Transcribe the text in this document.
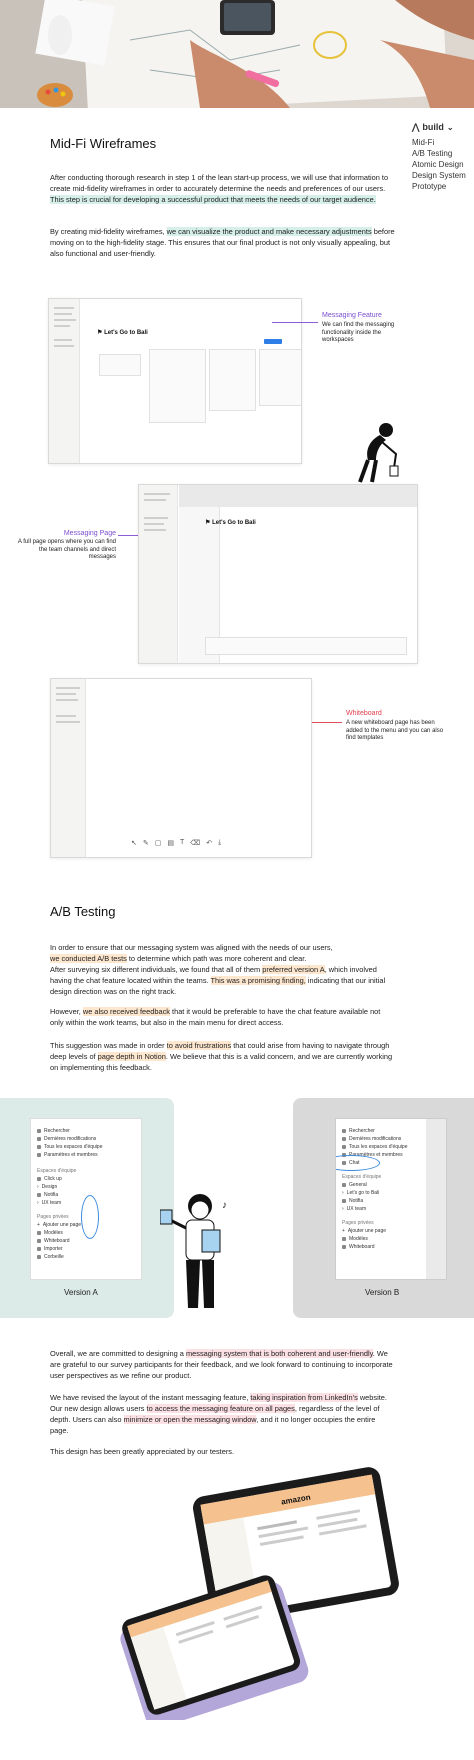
⋀ build ⌄
Mid-Fi
A/B Testing
Atomic Design
Design System
Prototype
Mid-Fi Wireframes
After conducting thorough research in step 1 of the lean start-up process, we will use that information to create mid-fidelity wireframes in order to accurately determine the needs and preferences of our users. This step is crucial for developing a successful product that meets the needs of our target audience.
By creating mid-fidelity wireframes, we can visualize the product and make necessary adjustments before moving on to the high-fidelity stage. This ensures that our final product is not only visually appealing, but also functional and user-friendly.
⚑ Let's Go to Bali
Messaging Feature
We can find the messaging functionality inside the workspaces
⚑ Let's Go to Bali
Messaging Page
A full page opens where you can find the team channels and direct messages
↖ ✎ ▢ ▤ T ⌫ ↶ ⤓
Whiteboard
A new whiteboard page has been added to the menu and you can also find templates
A/B Testing
In order to ensure that our messaging system was aligned with the needs of our users,
we conducted A/B tests to determine which path was more coherent and clear.
After surveying six different individuals, we found that all of them preferred version A, which involved having the chat feature located within the teams. This was a promising finding, indicating that our initial design direction was on the right track.
However, we also received feedback that it would be preferable to have the chat feature available not only within the work teams, but also in the main menu for direct access.
This suggestion was made in order to avoid frustrations that could arise from having to navigate through deep levels of page depth in Notion. We believe that this is a valid concern, and we are currently working on implementing this feedback.
Rechercher
Dernières modifications
Tous les espaces d'équipe
Paramètres et membres
Espaces d'équipe
Click up
› Design
Notifia
› UX team
Pages privées
+ Ajouter une page
Modèles
Whiteboard
Importer
Corbeille
Version A
♪
Rechercher
Dernières modifications
Tous les espaces d'équipe
Paramètres et membres
Chat
Espaces d'équipe
General
› Let's go to Bali
Notifia
› UX team
Pages privées
+ Ajouter une page
Modèles
Whiteboard
Version B
Overall, we are committed to designing a messaging system that is both coherent and user-friendly. We are grateful to our survey participants for their feedback, and we look forward to continuing to incorporate user perspectives as we refine our product.
We have revised the layout of the instant messaging feature, taking inspiration from LinkedIn's website. Our new design allows users to access the messaging feature on all pages, regardless of the level of depth. Users can also minimize or open the messaging window, and it no longer occupies the entire page.
This design has been greatly appreciated by our testers.
amazon
